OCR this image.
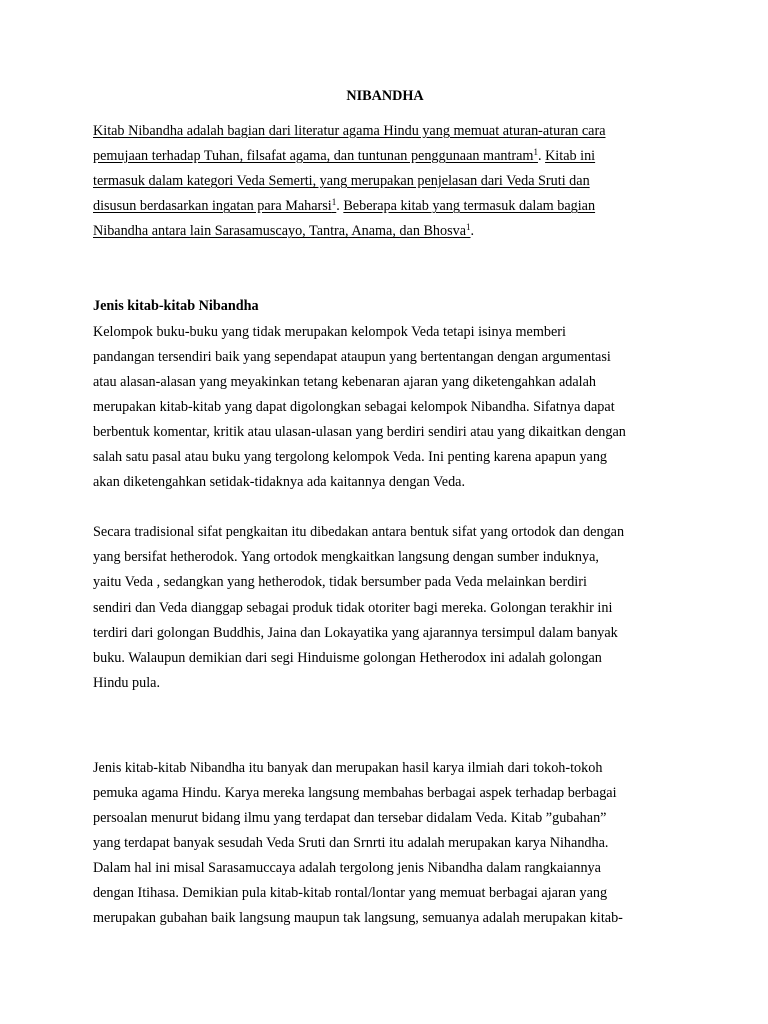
NIBANDHA
Kitab Nibandha adalah bagian dari literatur agama Hindu yang memuat aturan-aturan cara
pemujaan terhadap Tuhan, filsafat agama, dan tuntunan penggunaan mantram$^1$. Kitab ini
termasuk dalam kategori Veda Semerti, yang merupakan penjelasan dari Veda Sruti dan
disusun berdasarkan ingatan para Maharsi$^1$. Beberapa kitab yang termasuk dalam bagian
Nibandha antara lain Sarasamuscayo, Tantra, Anama, dan Bhosva$^1$.
Jenis kitab-kitab Nibandha
Kelompok buku-buku yang tidak merupakan kelompok Veda tetapi isinya memberi
pandangan tersendiri baik yang sependapat ataupun yang bertentangan dengan argumentasi
atau alasan-alasan yang meyakinkan tetang kebenaran ajaran yang diketengahkan adalah
merupakan kitab-kitab yang dapat digolongkan sebagai kelompok Nibandha. Sifatnya dapat
berbentuk komentar, kritik atau ulasan-ulasan yang berdiri sendiri atau yang dikaitkan dengan
salah satu pasal atau buku yang tergolong kelompok Veda. Ini penting karena apapun yang
akan diketengahkan setidak-tidaknya ada kaitannya dengan Veda.
Secara tradisional sifat pengkaitan itu dibedakan antara bentuk sifat yang ortodok dan dengan
yang bersifat hetherodok. Yang ortodok mengkaitkan langsung dengan sumber induknya,
yaitu Veda , sedangkan yang hetherodok, tidak bersumber pada Veda melainkan berdiri
sendiri dan Veda dianggap sebagai produk tidak otoriter bagi mereka. Golongan terakhir ini
terdiri dari golongan Buddhis, Jaina dan Lokayatika yang ajarannya tersimpul dalam banyak
buku. Walaupun demikian dari segi Hinduisme golongan Hetherodox ini adalah golongan
Hindu pula.
Jenis kitab-kitab Nibandha itu banyak dan merupakan hasil karya ilmiah dari tokoh-tokoh
pemuka agama Hindu. Karya mereka langsung membahas berbagai aspek terhadap berbagai
persoalan menurut bidang ilmu yang terdapat dan tersebar didalam Veda. Kitab ”gubahan”
yang terdapat banyak sesudah Veda Sruti dan Srnrti itu adalah merupakan karya Nihandha.
Dalam hal ini misal Sarasamuccaya adalah tergolong jenis Nibandha dalam rangkaiannya
dengan Itihasa. Demikian pula kitab-kitab rontal/lontar yang memuat berbagai ajaran yang
merupakan gubahan baik langsung maupun tak langsung, semuanya adalah merupakan kitab-
